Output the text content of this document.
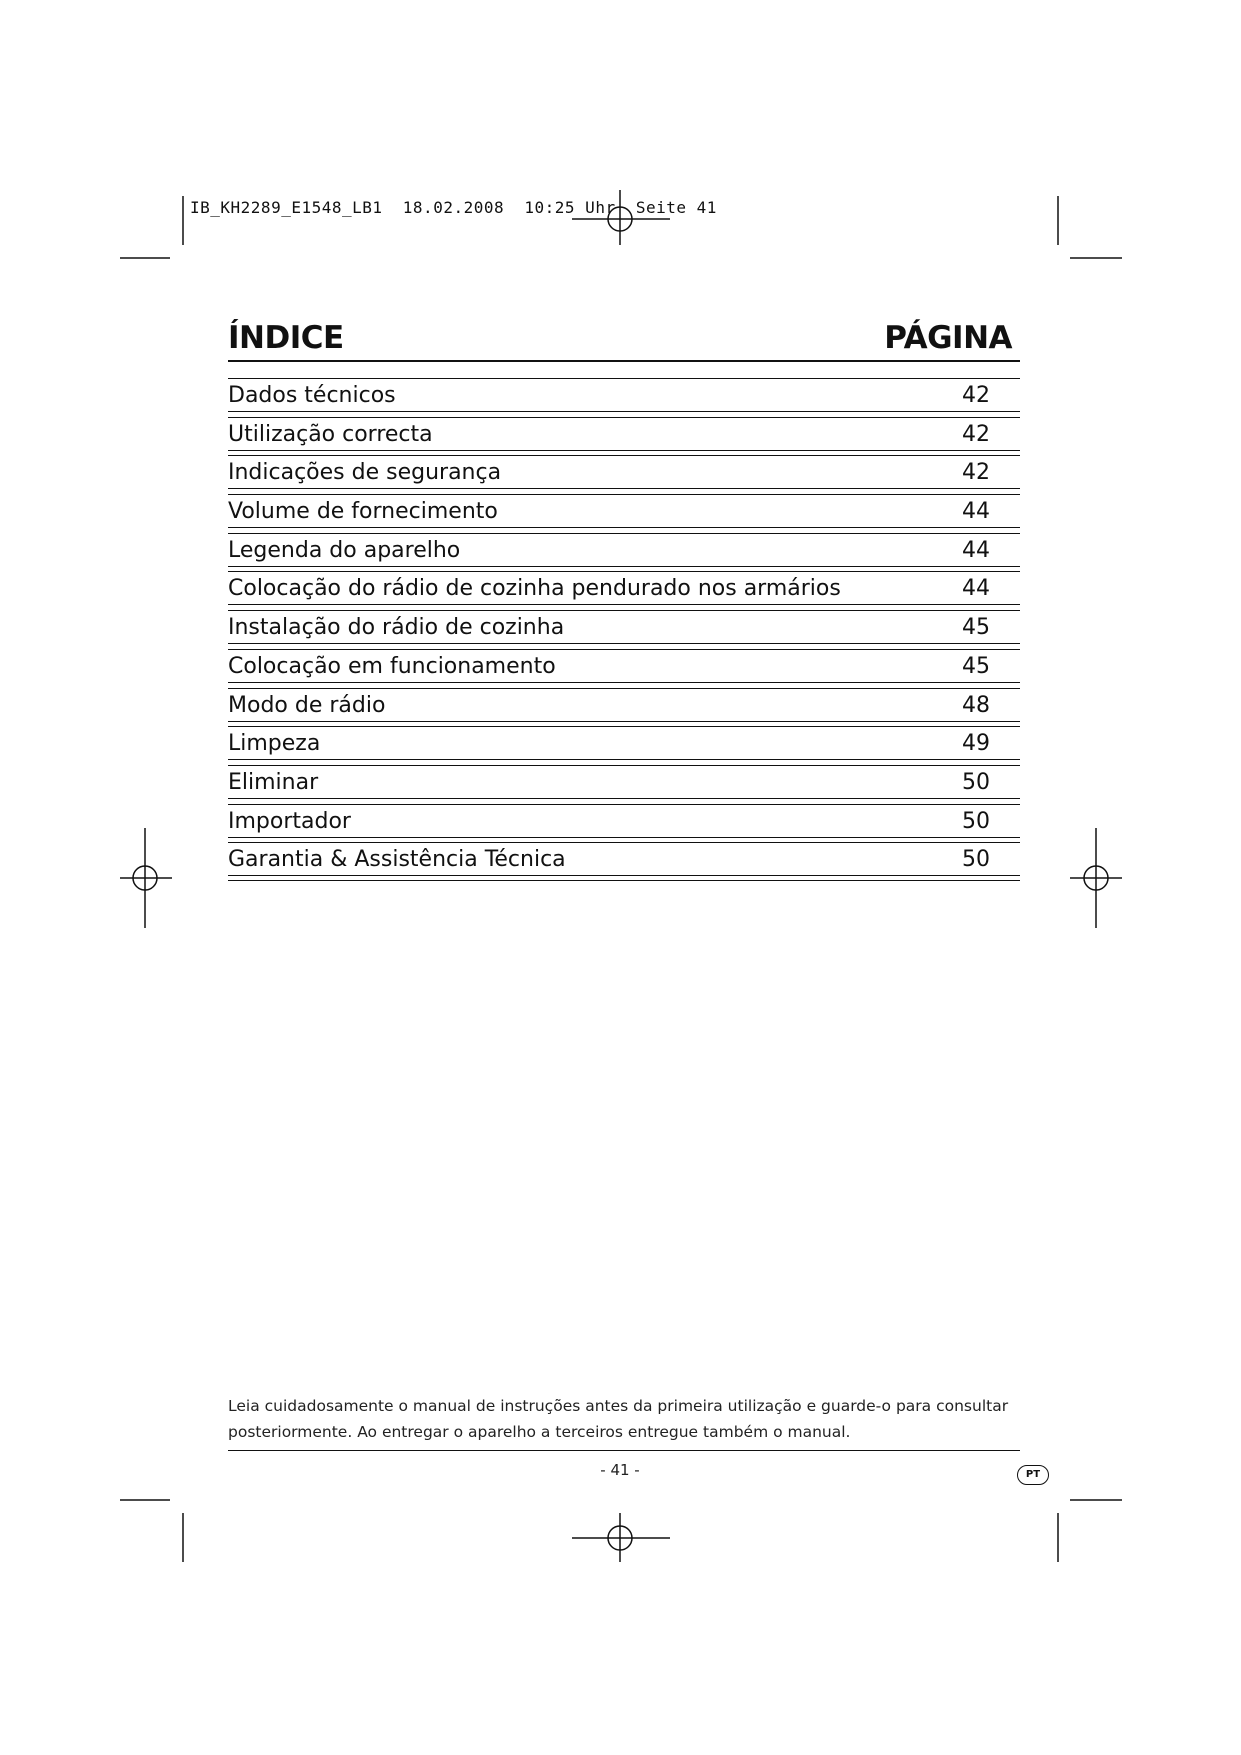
IB_KH2289_E1548_LB1  18.02.2008  10:25 Uhr  Seite 41
ÍNDICE	PÁGINA
Dados técnicos	42
Utilização correcta	42
Indicações de segurança	42
Volume de fornecimento	44
Legenda do aparelho	44
Colocação do rádio de cozinha pendurado nos armários	44
Instalação do rádio de cozinha	45
Colocação em funcionamento	45
Modo de rádio	48
Limpeza	49
Eliminar	50
Importador	50
Garantia & Assistência Técnica	50
Leia cuidadosamente o manual de instruções antes da primeira utilização e guarde-o para consultar posteriormente. Ao entregar o aparelho a terceiros entregue também o manual.
- 41 -	PT
